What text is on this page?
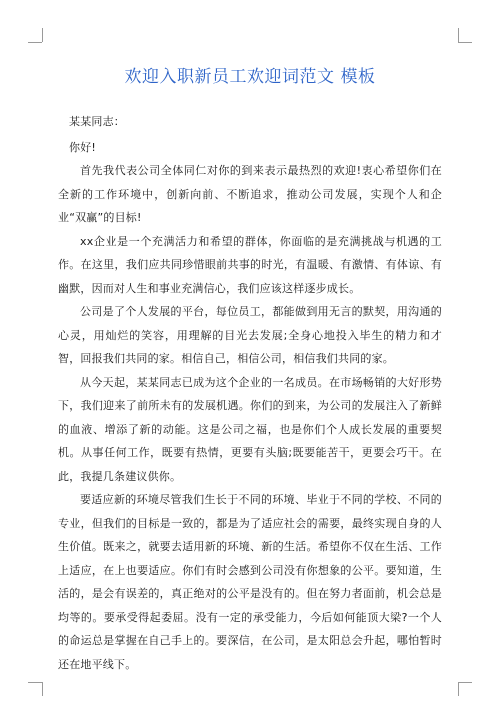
欢迎入职新员工欢迎词范文 模板

某某同志：

你好!

首先我代表公司全体同仁对你的到来表示最热烈的欢迎!衷心希望你们在全新的工作环境中，创新向前、不断追求，推动公司发展，实现个人和企业“双赢”的目标!

xx企业是一个充满活力和希望的群体，你面临的是充满挑战与机遇的工作。在这里，我们应共同珍惜眼前共事的时光，有温暖、有激情、有体谅、有幽默，因而对人生和事业充满信心，我们应该这样逐步成长。

公司是了个人发展的平台，每位员工，都能做到用无言的默契，用沟通的心灵，用灿烂的笑容，用理解的目光去发展;全身心地投入毕生的精力和才智，回报我们共同的家。相信自己，相信公司，相信我们共同的家。

从今天起，某某同志已成为这个企业的一名成员。在市场畅销的大好形势下，我们迎来了前所未有的发展机遇。你们的到来，为公司的发展注入了新鲜的血液、增添了新的动能。这是公司之福，也是你们个人成长发展的重要契机。从事任何工作，既要有热情，更要有头脑;既要能苦干，更要会巧干。在此，我提几条建议供你。

要适应新的环境尽管我们生长于不同的环境、毕业于不同的学校、不同的专业，但我们的目标是一致的，都是为了适应社会的需要，最终实现自身的人生价值。既来之，就要去适用新的环境、新的生活。希望你不仅在生活、工作上适应，在上也要适应。你们有时会感到公司没有你想象的公平。要知道，生活的，是会有误差的，真正绝对的公平是没有的。但在努力者面前，机会总是均等的。要承受得起委屈。没有一定的承受能力，今后如何能顶大梁?一个人的命运总是掌握在自己手上的。要深信，在公司，是太阳总会升起，哪怕暂时还在地平线下。
